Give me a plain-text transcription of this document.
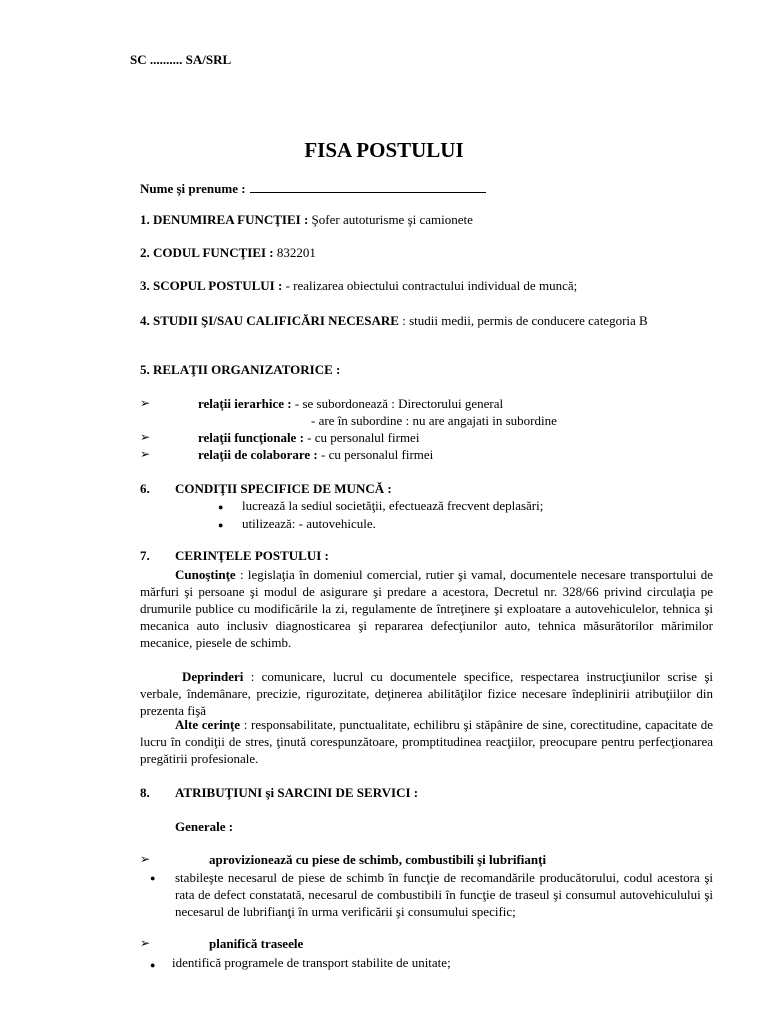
SC .......... SA/SRL
FISA POSTULUI
Nume şi prenume :
1. DENUMIREA FUNCŢIEI : Şofer autoturisme şi camionete
2. CODUL FUNCŢIEI : 832201
3. SCOPUL POSTULUI : - realizarea obiectului contractului individual de muncă;
4. STUDII ŞI/SAU CALIFICĂRI NECESARE : studii medii, permis de conducere categoria B
5. RELAŢII ORGANIZATORICE :
➢	relaţii ierarhice : - se subordonează : Directorului general
- are în subordine : nu are angajati in subordine
➢	relaţii funcţionale : - cu personalul firmei
➢	relaţii de colaborare : - cu personalul firmei
6. CONDIŢII SPECIFICE DE MUNCĂ :
● lucrează la sediul societăţii, efectuează frecvent deplasări;
● utilizează: - autovehicule.
7. CERINŢELE POSTULUI :
Cunoştinţe : legislaţia în domeniul comercial, rutier şi vamal, documentele necesare transportului de mărfuri şi persoane şi modul de asigurare şi predare a acestora, Decretul nr. 328/66 privind circulaţia pe drumurile publice cu modificările la zi, regulamente de întreţinere şi exploatare a autovehiculelor, tehnica şi mecanica auto inclusiv diagnosticarea şi repararea defecţiunilor auto, tehnica măsurătorilor mărimilor mecanice, piesele de schimb.
Deprinderi : comunicare, lucrul cu documentele specifice, respectarea instrucţiunilor scrise şi verbale, îndemânare, precizie, rigurozitate, deţinerea abilităţilor fizice necesare îndeplinirii atribuţiilor din prezenta fişă
Alte cerinţe : responsabilitate, punctualitate, echilibru şi stăpânire de sine, corectitudine, capacitate de lucru în condiţii de stres, ţinută corespunzătoare, promptitudinea reacţiilor, preocupare pentru perfecţionarea pregătirii profesionale.
8. ATRIBUŢIUNI şi SARCINI DE SERVICI :
Generale :
➢	aprovizionează cu piese de schimb, combustibili şi lubrifianţi
● stabileşte necesarul de piese de schimb în funcţie de recomandările producătorului, codul acestora şi rata de defect constatată, necesarul de combustibili în funcţie de traseul şi consumul autovehiculului şi necesarul de lubrifianţi în urma verificării şi consumului specific;
➢	planifică traseele
● identifică programele de transport stabilite de unitate;
